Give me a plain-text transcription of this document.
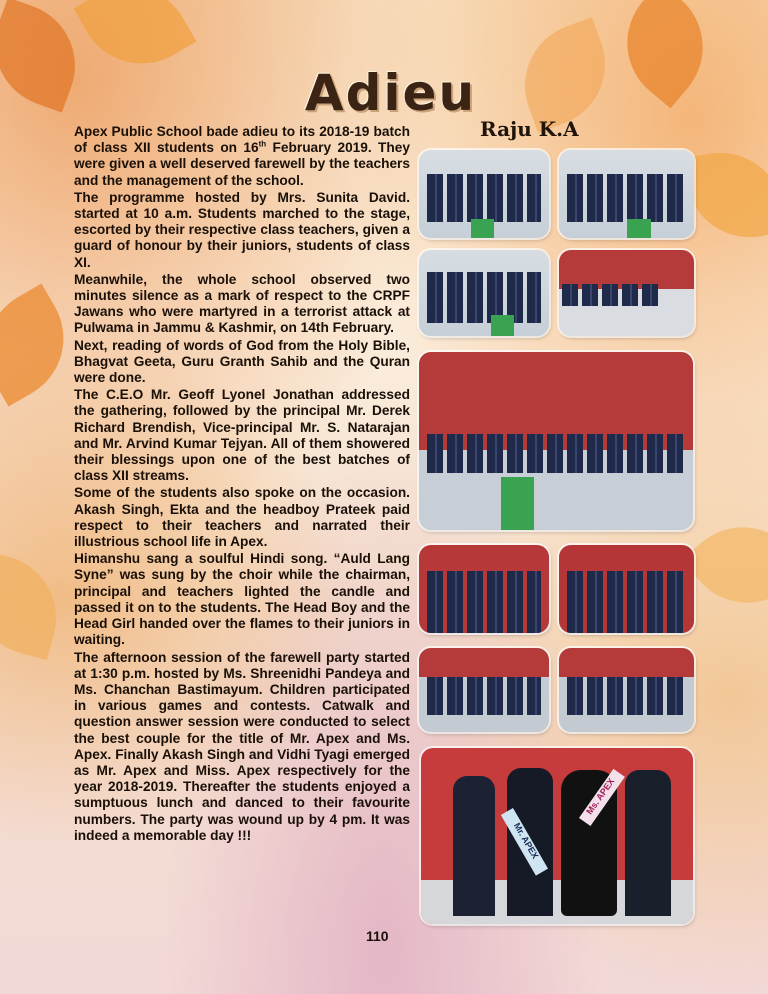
Adieu
Raju K.A

Apex Public School bade adieu to its 2018-19 batch of class XII students on 16th February 2019. They were given a well deserved farewell by the teachers and the management of the school.

The programme hosted by Mrs. Sunita David. started at 10 a.m. Students marched to the stage, escorted by their respective class teachers, given a guard of honour by their juniors, students of class XI.

Meanwhile, the whole school observed two minutes silence as a mark of respect to the CRPF Jawans who were martyred in a terrorist attack at Pulwama in Jammu & Kashmir, on 14th February.

Next, reading of words of God from the Holy Bible, Bhagvat Geeta, Guru Granth Sahib and the Quran were done.

The C.E.O Mr. Geoff Lyonel Jonathan addressed the gathering, followed by the principal Mr. Derek Richard Brendish, Vice-principal Mr. S. Natarajan and Mr. Arvind Kumar Tejyan. All of them showered their blessings upon one of the best batches of class XII streams.

Some of the students also spoke on the occasion. Akash Singh, Ekta and the headboy Prateek paid respect to their teachers and narrated their illustrious school life in Apex.

Himanshu sang a soulful Hindi song. “Auld Lang Syne” was sung by the choir while the chairman, principal and teachers lighted the candle and passed it on to the students. The Head Boy and the Head Girl handed over the flames to their juniors in waiting.

The afternoon session of the farewell party started at 1:30 p.m. hosted by Ms. Shreenidhi Pandeya and Ms. Chanchan Bastimayum. Children participated in various games and contests. Catwalk and question answer session were conducted to select the best couple for the title of Mr. Apex and Ms. Apex. Finally Akash Singh and Vidhi Tyagi emerged as Mr. Apex and Miss. Apex respectively for the year 2018-2019. Thereafter the students enjoyed a sumptuous lunch and danced to their favourite numbers. The party was wound up by 4 pm. It was indeed a memorable day !!!

110
Mr. APEX
Ms. APEX
